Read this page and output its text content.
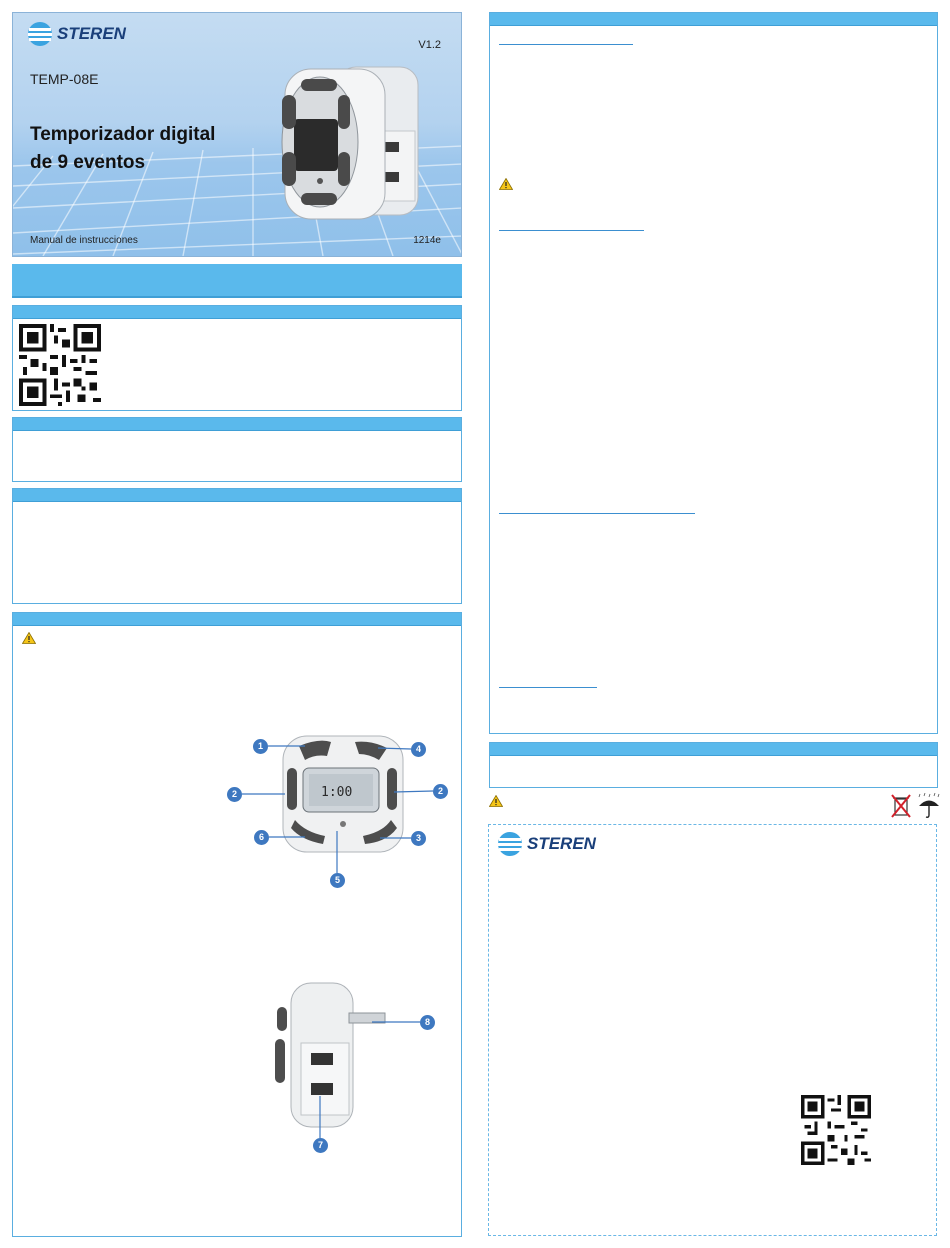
STEREN
V1.2
TEMP-08E
Temporizador digital
de 9 eventos
Manual de instrucciones	1214e
1:00
1	4
2	2
6	3
5
8
7
STEREN
